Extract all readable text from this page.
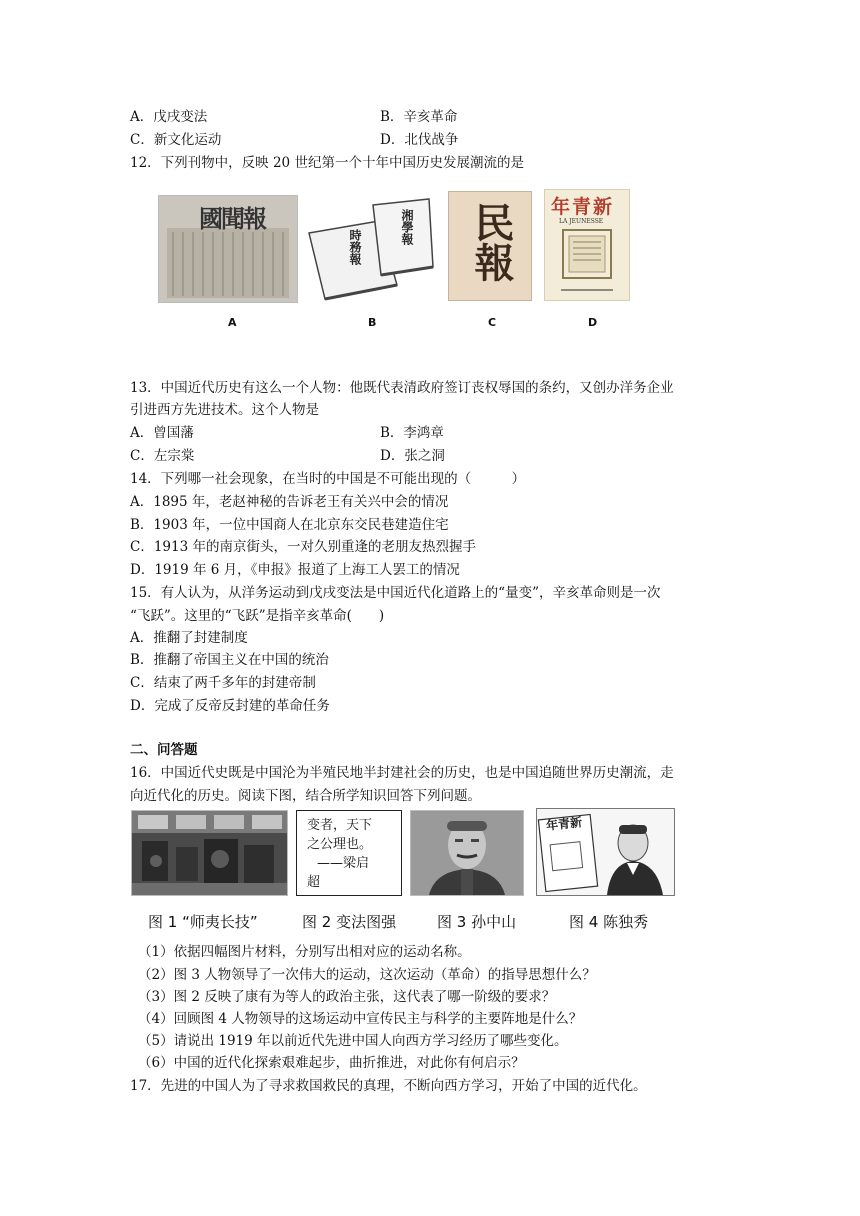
A．戊戌变法	B．辛亥革命
C．新文化运动	D．北伐战争
12．下列刊物中，反映 20 世纪第一个十年中国历史发展潮流的是
國聞報
A
時務報
湘學報
B
民報
C
年青新
LA JEUNESSE
D
13．中国近代历史有这么一个人物：他既代表清政府签订丧权辱国的条约，又创办洋务企业
引进西方先进技术。这个人物是
A．曾国藩	B．李鸿章
C．左宗棠	D．张之洞
14．下列哪一社会现象，在当时的中国是不可能出现的（　　　）
A．1895 年，老赵神秘的告诉老王有关兴中会的情况
B．1903 年，一位中国商人在北京东交民巷建造住宅
C．1913 年的南京街头，一对久别重逢的老朋友热烈握手
D．1919 年 6 月，《申报》报道了上海工人罢工的情况
15．有人认为，从洋务运动到戊戌变法是中国近代化道路上的“量变”，辛亥革命则是一次
“飞跃”。这里的“飞跃”是指辛亥革命(　　)
A．推翻了封建制度
B．推翻了帝国主义在中国的统治
C．结束了两千多年的封建帝制
D．完成了反帝反封建的革命任务
二、问答题
16．中国近代史既是中国沦为半殖民地半封建社会的历史，也是中国追随世界历史潮流，走
向近代化的历史。阅读下图，结合所学知识回答下列问题。
变者，天下
之公理也。
——梁启
超
年青新
图 1 “师夷长技”	图 2 变法图强	图 3 孙中山	图 4 陈独秀
（1）依据四幅图片材料，分别写出相对应的运动名称。
（2）图 3 人物领导了一次伟大的运动，这次运动（革命）的指导思想什么？
（3）图 2 反映了康有为等人的政治主张，这代表了哪一阶级的要求？
（4）回顾图 4 人物领导的这场运动中宣传民主与科学的主要阵地是什么？
（5）请说出 1919 年以前近代先进中国人向西方学习经历了哪些变化。
（6）中国的近代化探索艰难起步，曲折推进，对此你有何启示？
17．先进的中国人为了寻求救国救民的真理，不断向西方学习，开始了中国的近代化。
